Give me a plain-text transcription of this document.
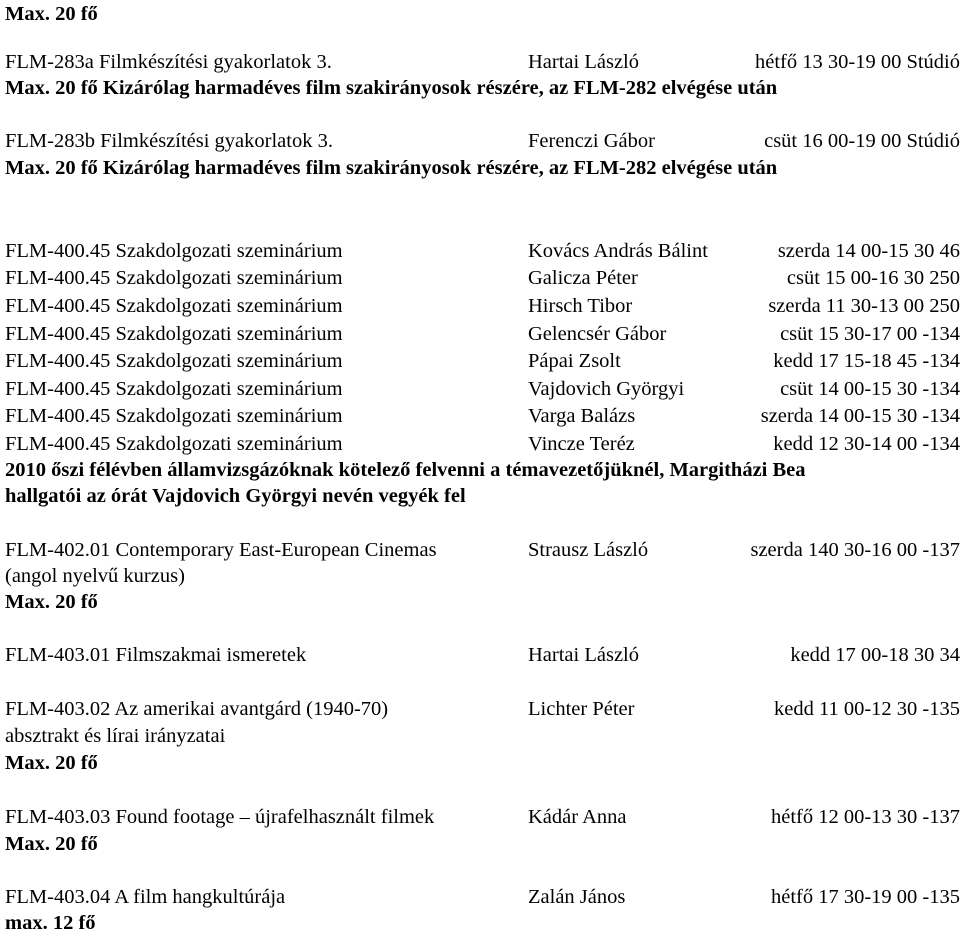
Max. 20 fő
FLM-283a Filmkészítési gyakorlatok 3.	Hartai László	hétfő 13 30-19 00 Stúdió
Max. 20 fő Kizárólag harmadéves film szakirányosok részére, az FLM-282 elvégése után
FLM-283b Filmkészítési gyakorlatok 3.	Ferenczi Gábor	csüt 16 00-19 00 Stúdió
Max. 20 fő Kizárólag harmadéves film szakirányosok részére, az FLM-282 elvégése után
FLM-400.45 Szakdolgozati szeminárium	Kovács András Bálint	szerda 14 00-15 30 46
FLM-400.45 Szakdolgozati szeminárium	Galicza Péter	csüt 15 00-16 30 250
FLM-400.45 Szakdolgozati szeminárium	Hirsch Tibor	szerda 11 30-13 00 250
FLM-400.45 Szakdolgozati szeminárium	Gelencsér Gábor	csüt 15 30-17 00 -134
FLM-400.45 Szakdolgozati szeminárium	Pápai Zsolt	kedd 17 15-18 45 -134
FLM-400.45 Szakdolgozati szeminárium	Vajdovich Györgyi	csüt 14 00-15 30 -134
FLM-400.45 Szakdolgozati szeminárium	Varga Balázs	szerda 14 00-15 30 -134
FLM-400.45 Szakdolgozati szeminárium	Vincze Teréz	kedd 12 30-14 00 -134
2010 őszi félévben államvizsgázóknak kötelező felvenni a témavezetőjüknél, Margitházi Bea
hallgatói az órát Vajdovich Györgyi nevén vegyék fel
FLM-402.01 Contemporary East-European Cinemas	Strausz László	szerda 140 30-16 00 -137
(angol nyelvű kurzus)
Max. 20 fő
FLM-403.01 Filmszakmai ismeretek	Hartai László	kedd 17 00-18 30 34
FLM-403.02 Az amerikai avantgárd (1940-70)	Lichter Péter	kedd 11 00-12 30 -135
absztrakt és lírai irányzatai
Max. 20 fő
FLM-403.03 Found footage – újrafelhasznált filmek	Kádár Anna	hétfő 12 00-13 30 -137
Max. 20 fő
FLM-403.04 A film hangkultúrája	Zalán János	hétfő 17 30-19 00 -135
max. 12 fő
